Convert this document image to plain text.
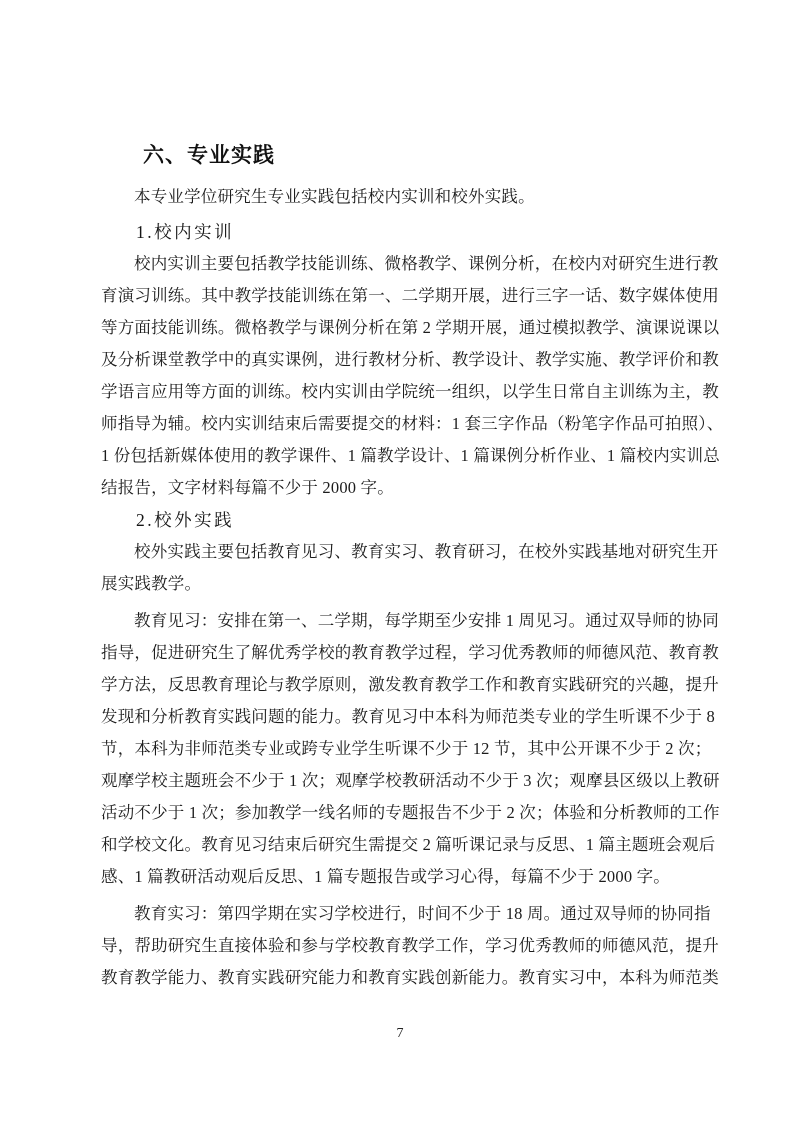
六、专业实践
本专业学位研究生专业实践包括校内实训和校外实践。
1.校内实训
校内实训主要包括教学技能训练、微格教学、课例分析，在校内对研究生进行教
育演习训练。其中教学技能训练在第一、二学期开展，进行三字一话、数字媒体使用
等方面技能训练。微格教学与课例分析在第 2 学期开展，通过模拟教学、演课说课以
及分析课堂教学中的真实课例，进行教材分析、教学设计、教学实施、教学评价和教
学语言应用等方面的训练。校内实训由学院统一组织，以学生日常自主训练为主，教
师指导为辅。校内实训结束后需要提交的材料：1 套三字作品（粉笔字作品可拍照）、
1 份包括新媒体使用的教学课件、1 篇教学设计、1 篇课例分析作业、1 篇校内实训总
结报告，文字材料每篇不少于 2000 字。
2.校外实践
校外实践主要包括教育见习、教育实习、教育研习，在校外实践基地对研究生开
展实践教学。
教育见习：安排在第一、二学期，每学期至少安排 1 周见习。通过双导师的协同
指导，促进研究生了解优秀学校的教育教学过程，学习优秀教师的师德风范、教育教
学方法，反思教育理论与教学原则，激发教育教学工作和教育实践研究的兴趣，提升
发现和分析教育实践问题的能力。教育见习中本科为师范类专业的学生听课不少于 8
节，本科为非师范类专业或跨专业学生听课不少于 12 节，其中公开课不少于 2 次；
观摩学校主题班会不少于 1 次；观摩学校教研活动不少于 3 次；观摩县区级以上教研
活动不少于 1 次；参加教学一线名师的专题报告不少于 2 次；体验和分析教师的工作
和学校文化。教育见习结束后研究生需提交 2 篇听课记录与反思、1 篇主题班会观后
感、1 篇教研活动观后反思、1 篇专题报告或学习心得，每篇不少于 2000 字。
教育实习：第四学期在实习学校进行，时间不少于 18 周。通过双导师的协同指
导，帮助研究生直接体验和参与学校教育教学工作，学习优秀教师的师德风范，提升
教育教学能力、教育实践研究能力和教育实践创新能力。教育实习中，本科为师范类
7
